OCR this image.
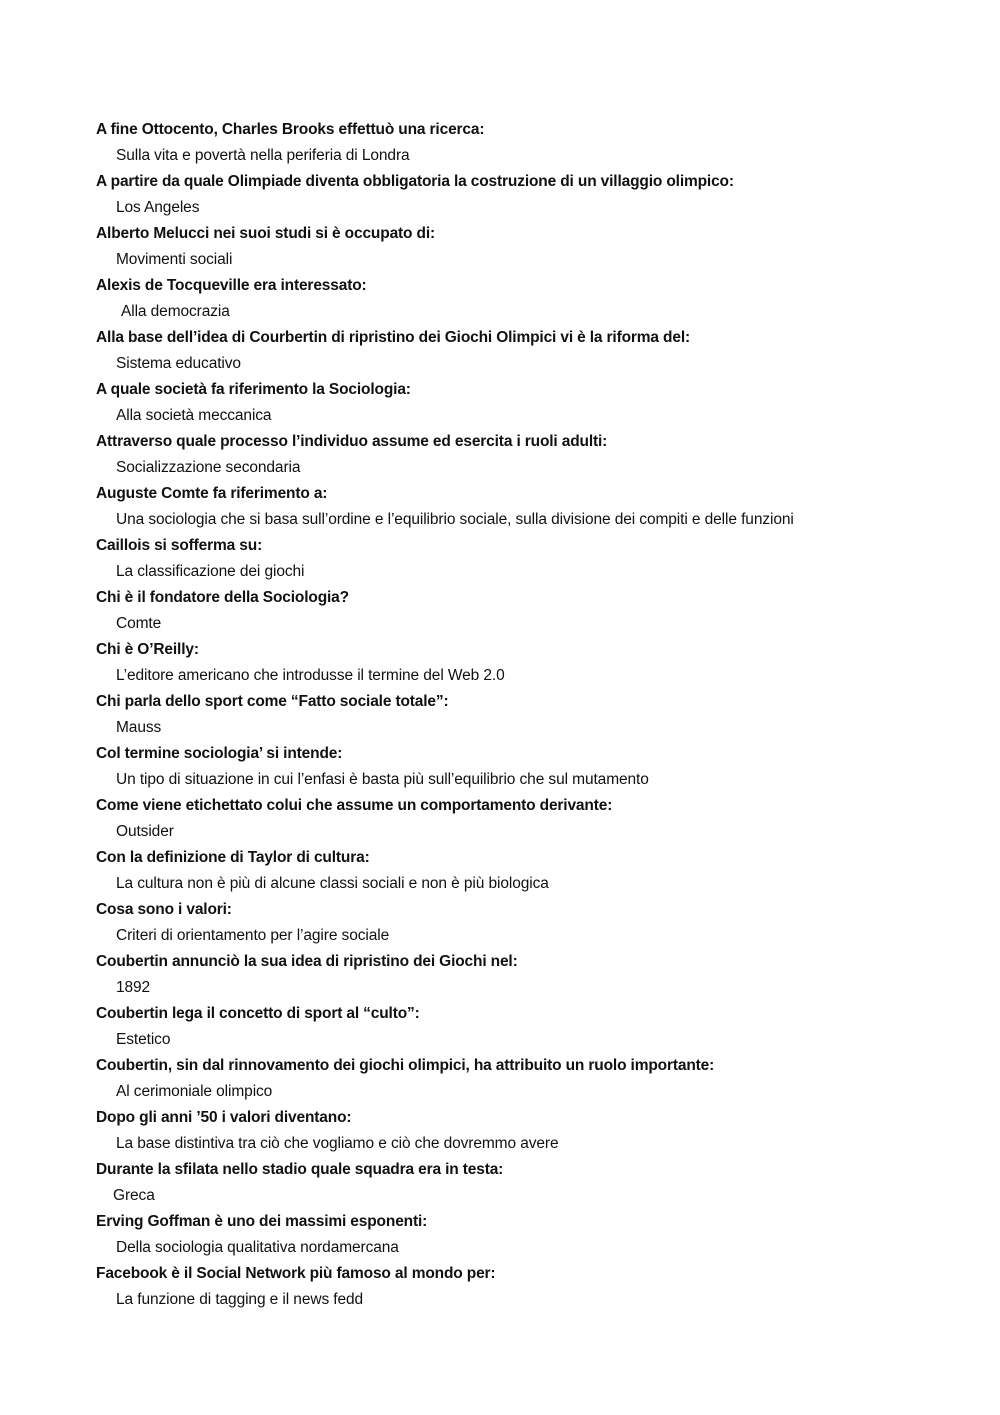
A fine Ottocento, Charles Brooks effettuò una ricerca:
Sulla vita e povertà nella periferia di Londra
A partire da quale Olimpiade diventa obbligatoria la costruzione di un villaggio olimpico:
Los Angeles
Alberto Melucci nei suoi studi si è occupato di:
Movimenti sociali
Alexis de Tocqueville era interessato:
Alla democrazia
Alla base dell’idea di Courbertin di ripristino dei Giochi Olimpici vi è la riforma del:
Sistema educativo
A quale società fa riferimento la Sociologia:
Alla società meccanica
Attraverso quale processo l’individuo assume ed esercita i ruoli adulti:
Socializzazione secondaria
Auguste Comte fa riferimento a:
Una sociologia che si basa sull’ordine e l’equilibrio sociale, sulla divisione dei compiti e delle funzioni
Caillois si sofferma su:
La classificazione dei giochi
Chi è il fondatore della Sociologia?
Comte
Chi è O’Reilly:
L’editore americano che introdusse il termine del Web 2.0
Chi parla dello sport come “Fatto sociale totale”:
Mauss
Col termine sociologia’ si intende:
Un tipo di situazione in cui l’enfasi è basta più sull’equilibrio che sul mutamento
Come viene etichettato colui che assume un comportamento derivante:
Outsider
Con la definizione di Taylor di cultura:
La cultura non è più di alcune classi sociali e non è più biologica
Cosa sono i valori:
Criteri di orientamento per l’agire sociale
Coubertin annunciò la sua idea di ripristino dei Giochi nel:
1892
Coubertin lega il concetto di sport al “culto”:
Estetico
Coubertin, sin dal rinnovamento dei giochi olimpici, ha attribuito un ruolo importante:
Al cerimoniale olimpico
Dopo gli anni ’50 i valori diventano:
La base distintiva tra ciò che vogliamo e ciò che dovremmo avere
Durante la sfilata nello stadio quale squadra era in testa:
Greca
Erving Goffman è uno dei massimi esponenti:
Della sociologia qualitativa nordamercana
Facebook è il Social Network più famoso al mondo per:
La funzione di tagging e il news fedd
